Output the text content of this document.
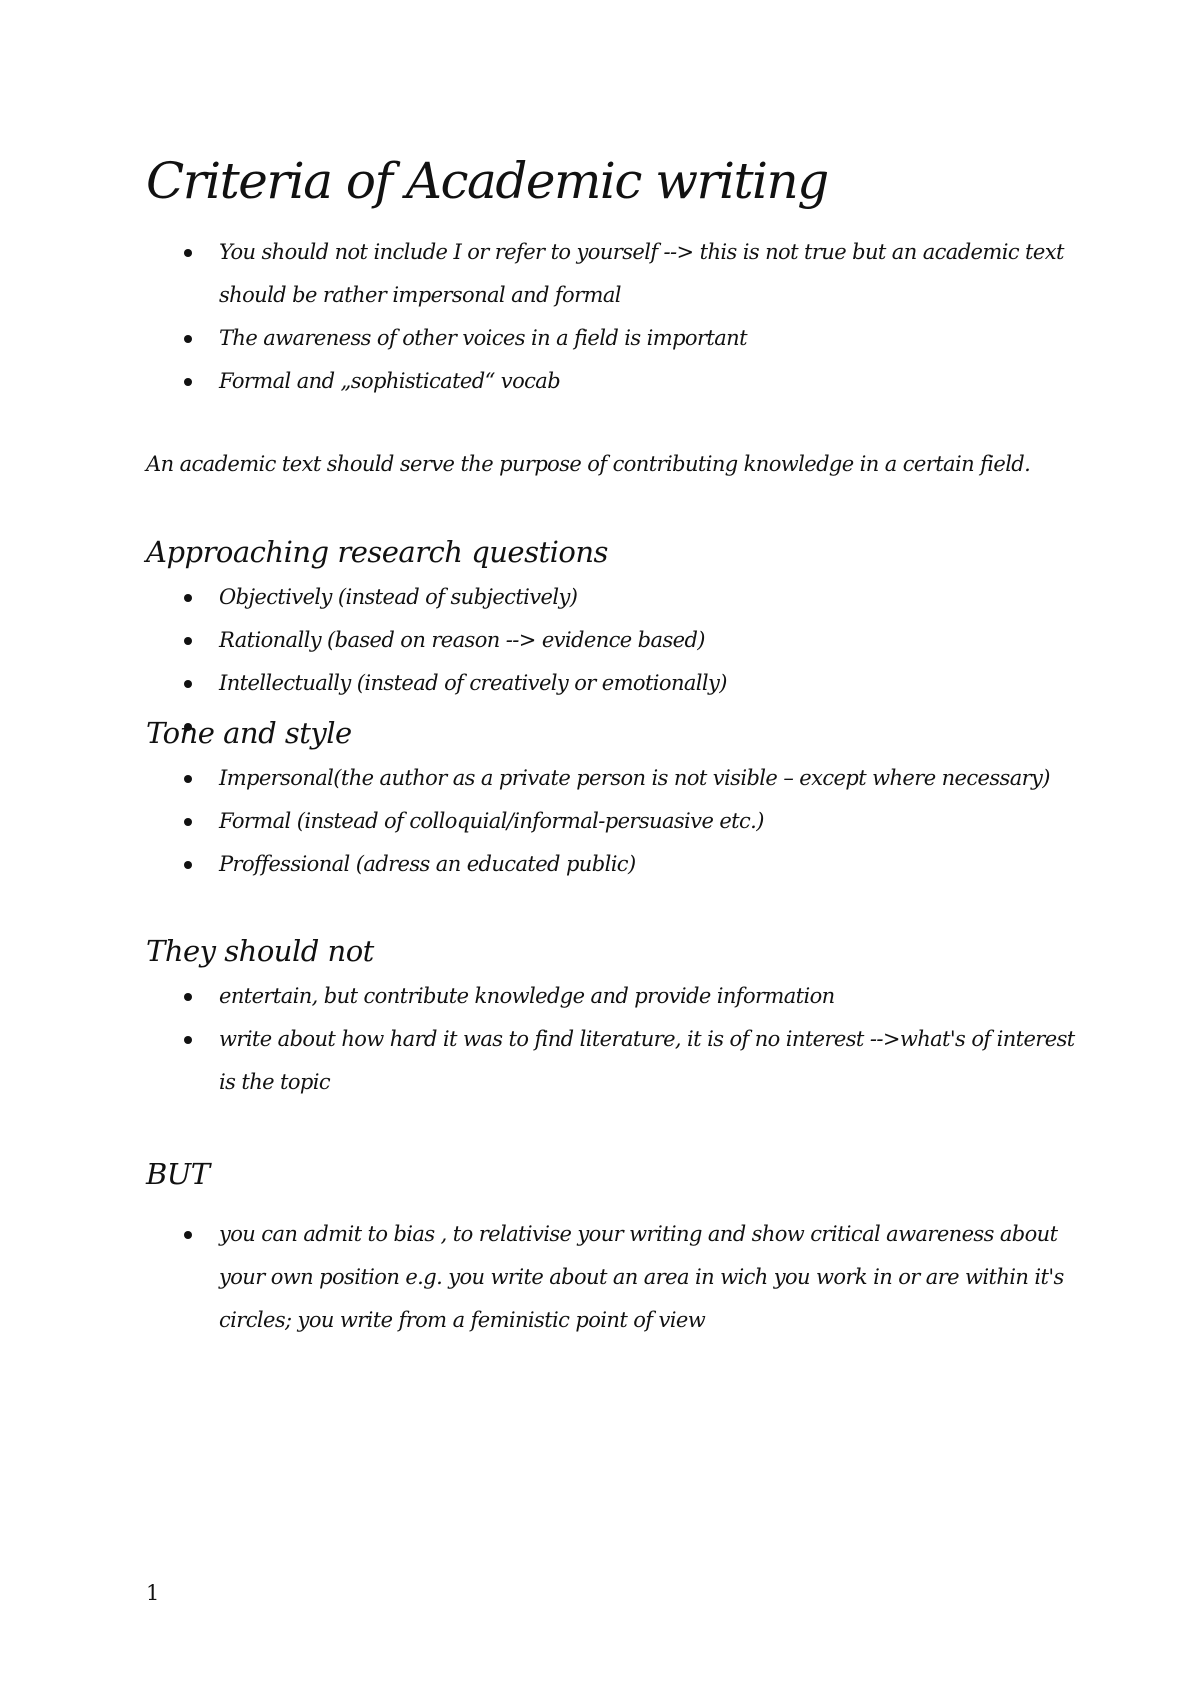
Criteria of Academic writing
You should not include I or refer to yourself --> this is not true but an academic text should be rather impersonal and formal
The awareness of other voices in a field is important
Formal and „sophisticated“ vocab

An academic text should serve the purpose of contributing knowledge in a certain field.

Approaching research questions
Objectively (instead of subjectively)
Rationally (based on reason --> evidence based)
Intellectually (instead of creatively or emotionally)
Tone and style
Impersonal(the author as a private person is not visible – except where necessary)
Formal (instead of colloquial/informal-persuasive etc.)
Proffessional (adress an educated public)
They should not
entertain, but contribute knowledge and provide information
write about how hard it was to find literature, it is of no interest -->what's of interest is the topic
BUT
you can admit to bias , to relativise your writing and show critical awareness about your own position e.g. you write about an area in wich you work in or are within it's circles; you write from a feministic point of view
1
